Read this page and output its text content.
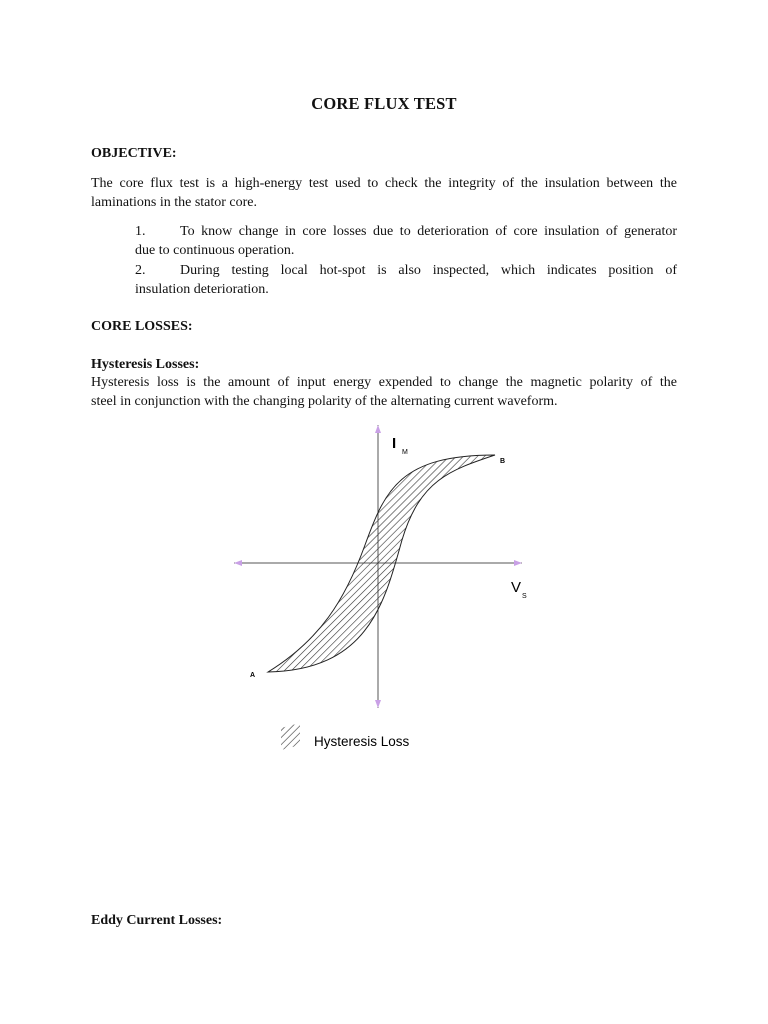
CORE FLUX TEST
OBJECTIVE:
The core flux test is a high-energy test used to check the integrity of the insulation between the
laminations in the stator core.
1. To know change in core losses due to deterioration of core insulation of generator
due to continuous operation.
2. During testing local hot-spot is also inspected, which indicates position of
insulation deterioration.
CORE LOSSES:
Hysteresis Losses:
Hysteresis loss is the amount of input energy expended to change the magnetic polarity of the
steel in conjunction with the changing polarity of the alternating current waveform.
I
M
V
S
B
A
Hysteresis Loss
Eddy Current Losses:
